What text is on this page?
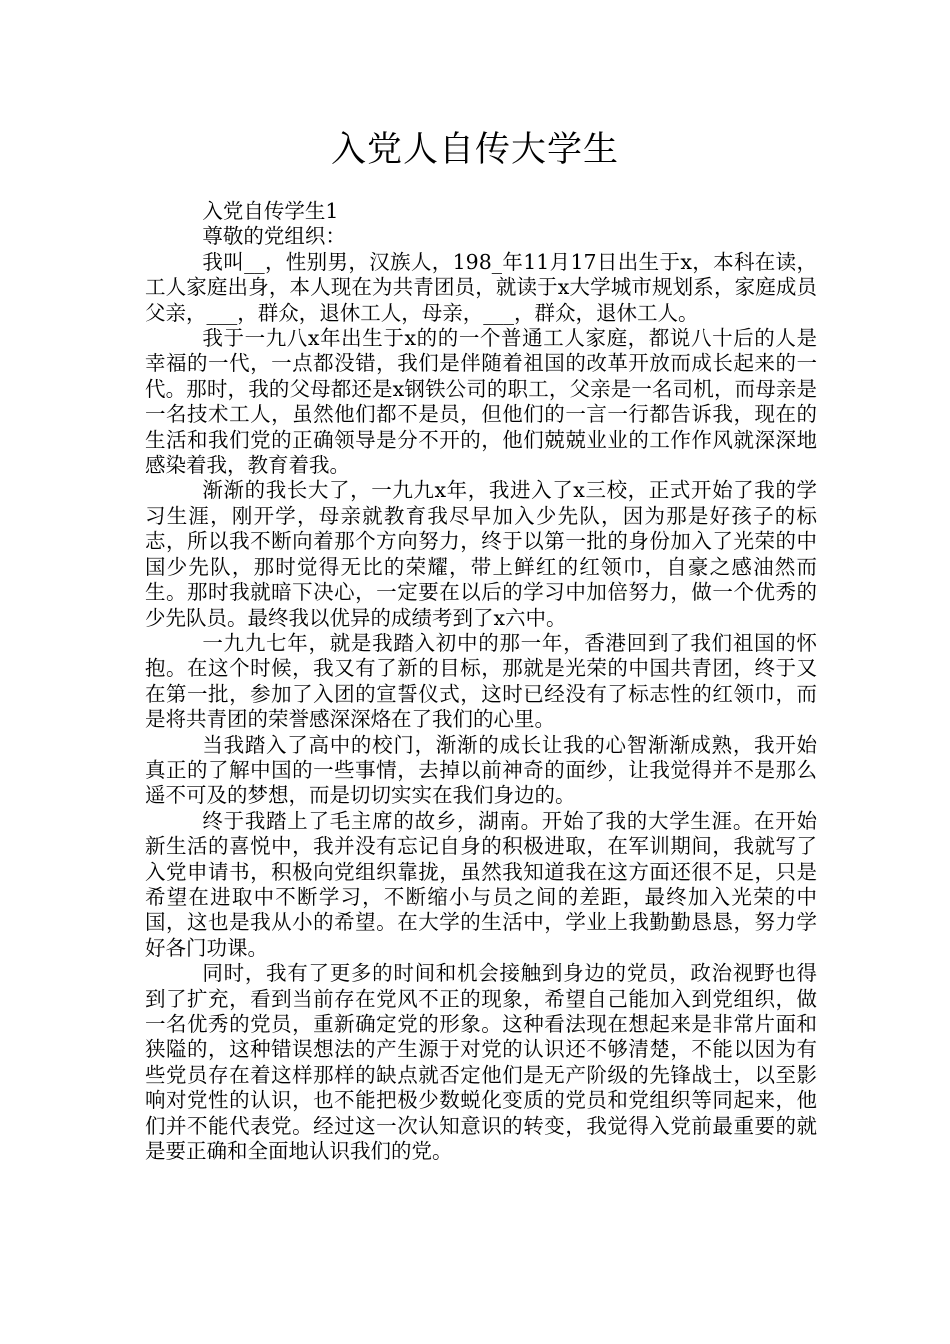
入党人自传大学生

入党自传学生1

尊敬的党组织：

我叫__，性别男，汉族人，198_年11月17日出生于x，本科在读，工人家庭出身，本人现在为共青团员，就读于x大学城市规划系，家庭成员父亲，___，群众，退休工人，母亲，___，群众，退休工人。

我于一九八x年出生于x的的一个普通工人家庭，都说八十后的人是幸福的一代，一点都没错，我们是伴随着祖国的改革开放而成长起来的一代。那时，我的父母都还是x钢铁公司的职工，父亲是一名司机，而母亲是一名技术工人，虽然他们都不是员，但他们的一言一行都告诉我，现在的生活和我们党的正确领导是分不开的，他们兢兢业业的工作作风就深深地感染着我，教育着我。

渐渐的我长大了，一九九x年，我进入了x三校，正式开始了我的学习生涯，刚开学，母亲就教育我尽早加入少先队，因为那是好孩子的标志，所以我不断向着那个方向努力，终于以第一批的身份加入了光荣的中国少先队，那时觉得无比的荣耀，带上鲜红的红领巾，自豪之感油然而生。那时我就暗下决心，一定要在以后的学习中加倍努力，做一个优秀的少先队员。最终我以优异的成绩考到了x六中。

一九九七年，就是我踏入初中的那一年，香港回到了我们祖国的怀抱。在这个时候，我又有了新的目标，那就是光荣的中国共青团，终于又在第一批，参加了入团的宣誓仪式，这时已经没有了标志性的红领巾，而是将共青团的荣誉感深深烙在了我们的心里。

当我踏入了高中的校门，渐渐的成长让我的心智渐渐成熟，我开始真正的了解中国的一些事情，去掉以前神奇的面纱，让我觉得并不是那么遥不可及的梦想，而是切切实实在我们身边的。

终于我踏上了毛主席的故乡，湖南。开始了我的大学生涯。在开始新生活的喜悦中，我并没有忘记自身的积极进取，在军训期间，我就写了入党申请书，积极向党组织靠拢，虽然我知道我在这方面还很不足，只是希望在进取中不断学习，不断缩小与员之间的差距，最终加入光荣的中国，这也是我从小的希望。在大学的生活中，学业上我勤勤恳恳，努力学好各门功课。

同时，我有了更多的时间和机会接触到身边的党员，政治视野也得到了扩充，看到当前存在党风不正的现象，希望自己能加入到党组织，做一名优秀的党员，重新确定党的形象。这种看法现在想起来是非常片面和狭隘的，这种错误想法的产生源于对党的认识还不够清楚，不能以因为有些党员存在着这样那样的缺点就否定他们是无产阶级的先锋战士，以至影响对党性的认识，也不能把极少数蜕化变质的党员和党组织等同起来，他们并不能代表党。经过这一次认知意识的转变，我觉得入党前最重要的就是要正确和全面地认识我们的党。
